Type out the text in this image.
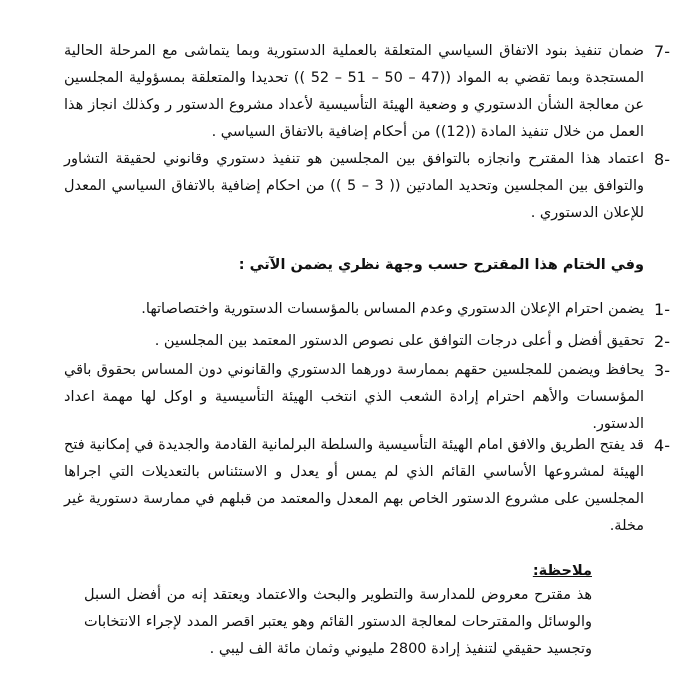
7-
ضمان تنفيذ بنود الاتفاق السياسي المتعلقة بالعملية الدستورية وبما يتماشى مع المرحلة الحالية المستجدة وبما تقضي به المواد ((47 – 50 – 51 – 52 )) تحديدا والمتعلقة بمسؤولية المجلسين عن معالجة الشأن الدستوري و وضعية الهيئة التأسيسية لأعداد مشروع الدستور ر وكذلك انجاز هذا العمل من خلال تنفيذ المادة ((12)) من أحكام إضافية بالاتفاق السياسي .
8-
اعتماد هذا المقترح وانجازه بالتوافق بين المجلسين هو تنفيذ دستوري وقانوني لحقيقة التشاور والتوافق بين المجلسين وتحديد المادتين (( 3 – 5 )) من احكام إضافية بالاتفاق السياسي المعدل للإعلان الدستوري .
وفي الختام هذا المقترح حسب وجهة نظري يضمن الآتي :
1-
يضمن احترام الإعلان الدستوري وعدم المساس بالمؤسسات الدستورية واختصاصاتها.
2-
تحقيق أفضل و أعلى درجات التوافق على نصوص الدستور المعتمد بين المجلسين .
3-
يحافظ ويضمن للمجلسين حقهم بممارسة دورهما الدستوري والقانوني دون المساس بحقوق باقي المؤسسات والأهم احترام إرادة الشعب الذي انتخب الهيئة التأسيسية و اوكل لها مهمة اعداد الدستور.
4-
قد يفتح الطريق والافق امام الهيئة التأسيسية والسلطة البرلمانية القادمة والجديدة في إمكانية فتح الهيئة لمشروعها الأساسي القائم الذي لم يمس أو يعدل و الاستئناس بالتعديلات التي اجراها المجلسين على مشروع الدستور الخاص بهم المعدل والمعتمد من قبلهم في ممارسة دستورية غير مخلة.
ملاحظة:
هذ مقترح معروض للمدارسة والتطوير والبحث والاعتماد ويعتقد إنه من أفضل السبل والوسائل والمقترحات لمعالجة الدستور القائم وهو يعتبر اقصر المدد لإجراء الانتخابات وتجسيد حقيقي لتنفيذ إرادة 2800 مليوني وثمان مائة الف ليبي .
